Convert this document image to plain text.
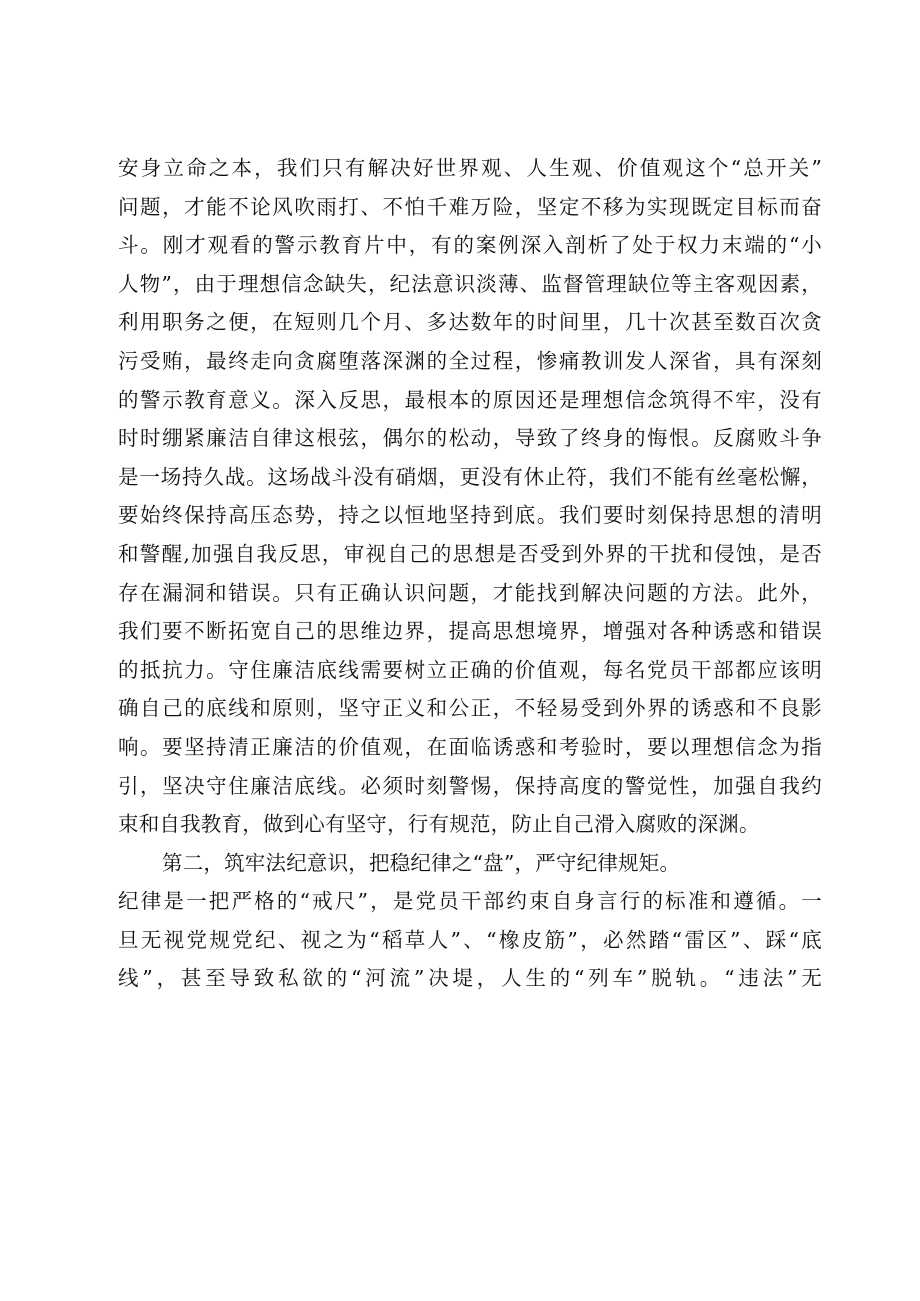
安身立命之本，我们只有解决好世界观、人生观、价值观这个“总开关”
问题，才能不论风吹雨打、不怕千难万险，坚定不移为实现既定目标而奋
斗。刚才观看的警示教育片中，有的案例深入剖析了处于权力末端的“小
人物”，由于理想信念缺失，纪法意识淡薄、监督管理缺位等主客观因素，
利用职务之便，在短则几个月、多达数年的时间里，几十次甚至数百次贪
污受贿，最终走向贪腐堕落深渊的全过程，惨痛教训发人深省，具有深刻
的警示教育意义。深入反思，最根本的原因还是理想信念筑得不牢，没有
时时绷紧廉洁自律这根弦，偶尔的松动，导致了终身的悔恨。反腐败斗争
是一场持久战。这场战斗没有硝烟，更没有休止符，我们不能有丝毫松懈，
要始终保持高压态势，持之以恒地坚持到底。我们要时刻保持思想的清明
和警醒,加强自我反思，审视自己的思想是否受到外界的干扰和侵蚀，是否
存在漏洞和错误。只有正确认识问题，才能找到解决问题的方法。此外，
我们要不断拓宽自己的思维边界，提高思想境界，增强对各种诱惑和错误
的抵抗力。守住廉洁底线需要树立正确的价值观，每名党员干部都应该明
确自己的底线和原则，坚守正义和公正，不轻易受到外界的诱惑和不良影
响。要坚持清正廉洁的价值观，在面临诱惑和考验时，要以理想信念为指
引，坚决守住廉洁底线。必须时刻警惕，保持高度的警觉性，加强自我约
束和自我教育，做到心有坚守，行有规范，防止自己滑入腐败的深渊。
第二，筑牢法纪意识，把稳纪律之“盘”，严守纪律规矩。
纪律是一把严格的“戒尺”，是党员干部约束自身言行的标准和遵循。一
旦无视党规党纪、视之为“稻草人”、“橡皮筋”，必然踏“雷区”、踩“底
线”，甚至导致私欲的“河流”决堤，人生的“列车”脱轨。“违法”无
